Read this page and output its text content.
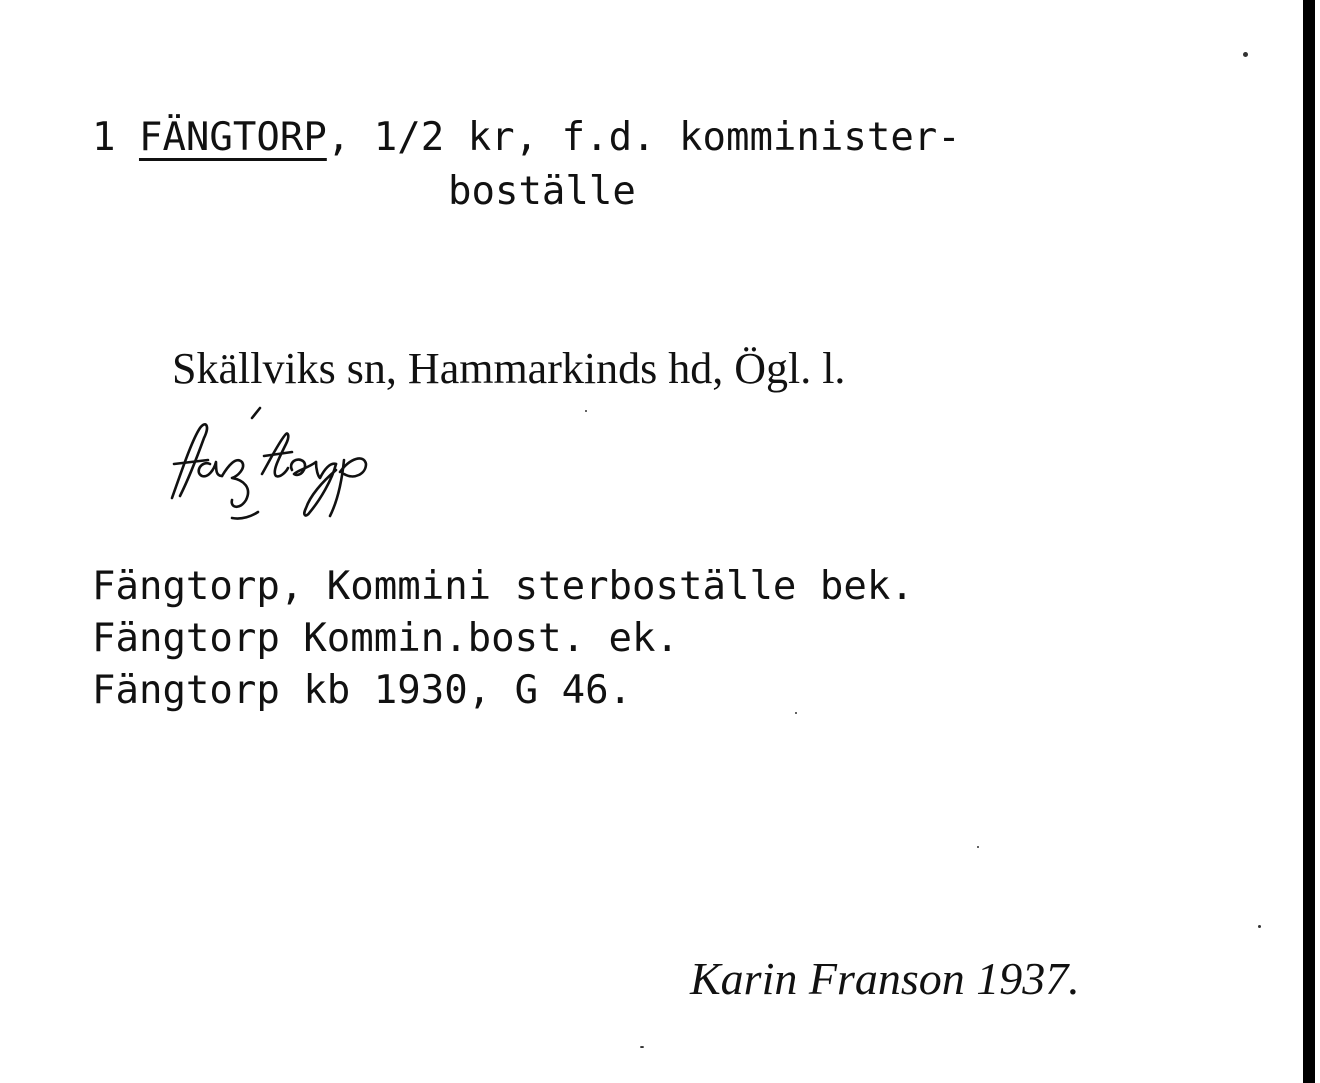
1 FÄNGTORP, 1/2 kr, f.d. komminister-
boställe
Skällviks sn, Hammarkinds hd, Ögl. l.
Fängtorp, Kommini sterboställe bek.
Fängtorp Kommin.bost. ek.
Fängtorp kb 1930, G 46.
Karin Franson 1937.
